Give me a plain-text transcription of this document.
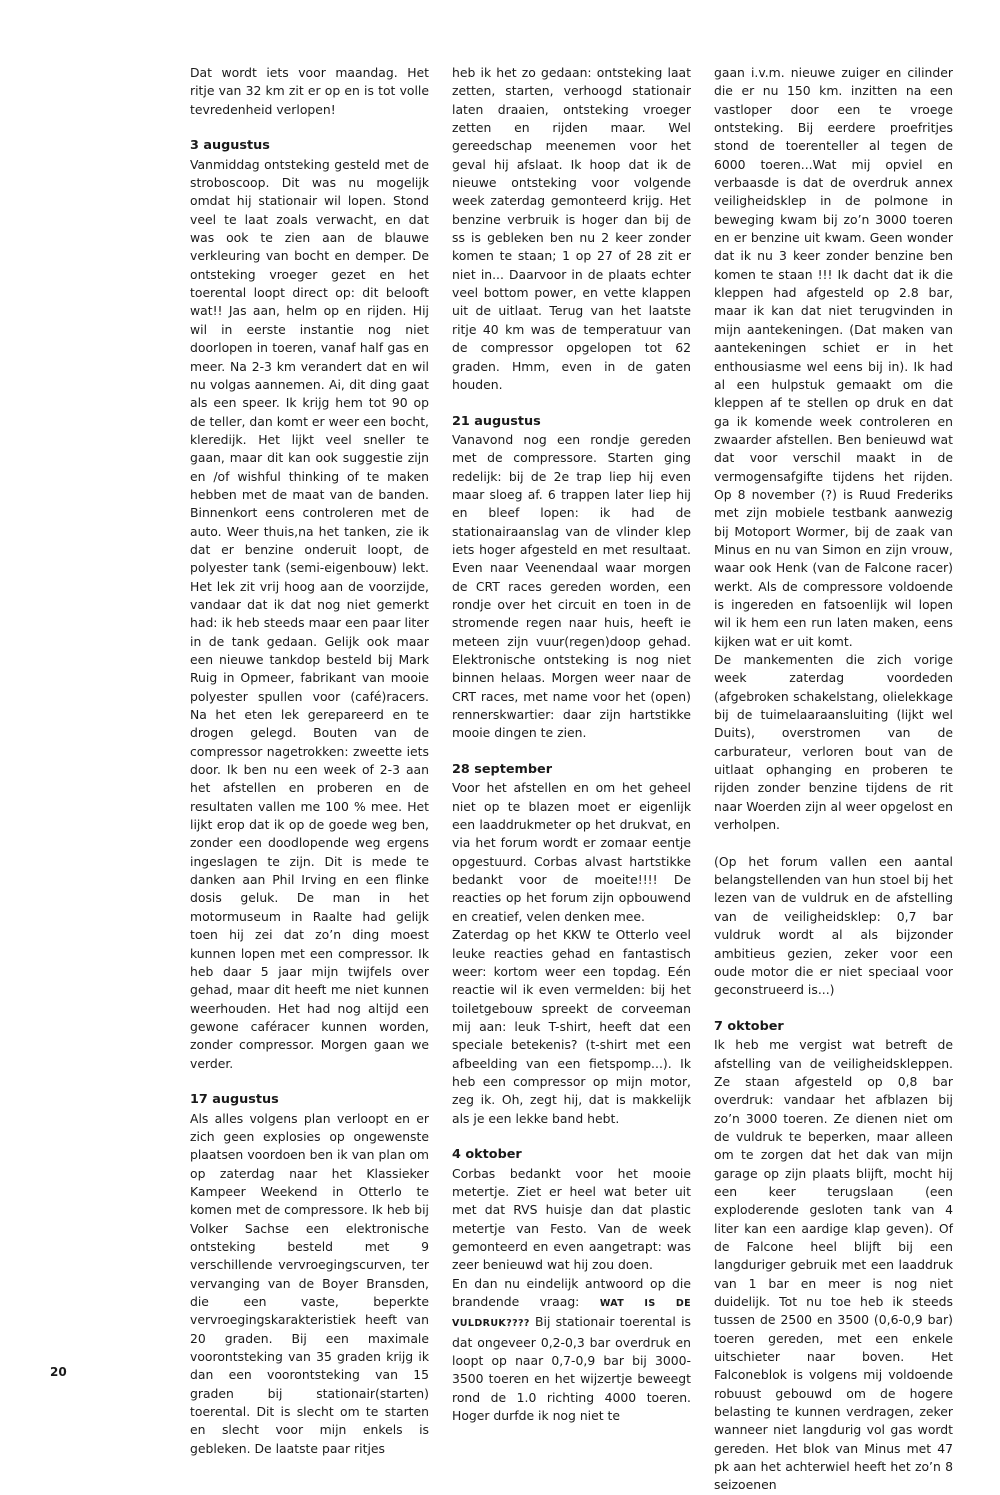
Dat wordt iets voor maandag. Het ritje van 32 km zit er op en is tot volle tevredenheid verlopen!

3 augustus

Vanmiddag ontsteking gesteld met de stroboscoop. Dit was nu mogelijk omdat hij stationair wil lopen. Stond veel te laat zoals verwacht, en dat was ook te zien aan de blauwe verkleuring van bocht en demper. De ontsteking vroeger gezet en het toerental loopt direct op: dit belooft wat!! Jas aan, helm op en rijden. Hij wil in eerste instantie nog niet doorlopen in toeren, vanaf half gas en meer. Na 2-3 km verandert dat en wil nu volgas aannemen. Ai, dit ding gaat als een speer. Ik krijg hem tot 90 op de teller, dan komt er weer een bocht, kleredijk. Het lijkt veel sneller te gaan, maar dit kan ook suggestie zijn en /of wishful thinking of te maken hebben met de maat van de banden. Binnenkort eens controleren met de auto. Weer thuis,na het tanken, zie ik dat er benzine onderuit loopt, de polyester tank (semi-eigenbouw) lekt. Het lek zit vrij hoog aan de voorzijde, vandaar dat ik dat nog niet gemerkt had: ik heb steeds maar een paar liter in de tank gedaan. Gelijk ook maar een nieuwe tankdop besteld bij Mark Ruig in Opmeer, fabrikant van mooie polyester spullen voor (café)racers. Na het eten lek gerepareerd en te drogen gelegd. Bouten van de compressor nagetrokken: zweette iets door. Ik ben nu een week of 2-3 aan het afstellen en proberen en de resultaten vallen me 100 % mee. Het lijkt erop dat ik op de goede weg ben, zonder een doodlopende weg ergens ingeslagen te zijn. Dit is mede te danken aan Phil Irving en een flinke dosis geluk. De man in het motormuseum in Raalte had gelijk toen hij zei dat zo’n ding moest kunnen lopen met een compressor. Ik heb daar 5 jaar mijn twijfels over gehad, maar dit heeft me niet kunnen weerhouden. Het had nog altijd een gewone caféracer kunnen worden, zonder compressor. Morgen gaan we verder.

17 augustus

Als alles volgens plan verloopt en er zich geen explosies op ongewenste plaatsen voordoen ben ik van plan om op zaterdag naar het Klassieker Kampeer Weekend in Otterlo te komen met de compressore. Ik heb bij Volker Sachse een elektronische ontsteking besteld met 9 verschillende vervroegingscurven, ter vervanging van de Boyer Bransden, die een vaste, beperkte vervroegingskarakteristiek heeft van 20 graden. Bij een maximale voorontsteking van 35 graden krijg ik dan een voorontsteking van 15 graden bij stationair(starten) toerental. Dit is slecht om te starten en slecht voor mijn enkels is gebleken. De laatste paar ritjes

heb ik het zo gedaan: ontsteking laat zetten, starten, verhoogd stationair laten draaien, ontsteking vroeger zetten en rijden maar. Wel gereedschap meenemen voor het geval hij afslaat. Ik hoop dat ik de nieuwe ontsteking voor volgende week zaterdag gemonteerd krijg. Het benzine verbruik is hoger dan bij de ss is gebleken ben nu 2 keer zonder komen te staan; 1 op 27 of 28 zit er niet in... Daarvoor in de plaats echter veel bottom power, en vette klappen uit de uitlaat. Terug van het laatste ritje 40 km was de temperatuur van de compressor opgelopen tot 62 graden. Hmm, even in de gaten houden.

21 augustus

Vanavond nog een rondje gereden met de compressore. Starten ging redelijk: bij de 2e trap liep hij even maar sloeg af. 6 trappen later liep hij en bleef lopen: ik had de stationairaanslag van de vlinder klep iets hoger afgesteld en met resultaat. Even naar Veenendaal waar morgen de CRT races gereden worden, een rondje over het circuit en toen in de stromende regen naar huis, heeft ie meteen zijn vuur(regen)doop gehad. Elektronische ontsteking is nog niet binnen helaas. Morgen weer naar de CRT races, met name voor het (open) rennerskwartier: daar zijn hartstikke mooie dingen te zien.

28 september

Voor het afstellen en om het geheel niet op te blazen moet er eigenlijk een laaddrukmeter op het drukvat, en via het forum wordt er zomaar eentje opgestuurd. Corbas alvast hartstikke bedankt voor de moeite!!!! De reacties op het forum zijn opbouwend en creatief, velen denken mee.

Zaterdag op het KKW te Otterlo veel leuke reacties gehad en fantastisch weer: kortom weer een topdag. Eén reactie wil ik even vermelden: bij het toiletgebouw spreekt de corveeman mij aan: leuk T-shirt, heeft dat een speciale betekenis? (t-shirt met een afbeelding van een fietspomp...). Ik heb een compressor op mijn motor, zeg ik. Oh, zegt hij, dat is makkelijk als je een lekke band hebt.

4 oktober

Corbas bedankt voor het mooie metertje. Ziet er heel wat beter uit met dat RVS huisje dan dat plastic metertje van Festo. Van de week gemonteerd en even aangetrapt: was zeer benieuwd wat hij zou doen.

En dan nu eindelijk antwoord op die brandende vraag: WAT IS DE VULDRUK???? Bij stationair toerental is dat ongeveer 0,2-0,3 bar overdruk en loopt op naar 0,7-0,9 bar bij 3000-3500 toeren en het wijzertje beweegt rond de 1.0 richting 4000 toeren. Hoger durfde ik nog niet te

gaan i.v.m. nieuwe zuiger en cilinder die er nu 150 km. inzitten na een vastloper door een te vroege ontsteking. Bij eerdere proefritjes stond de toerenteller al tegen de 6000 toeren...Wat mij opviel en verbaasde is dat de overdruk annex veiligheidsklep in de polmone in beweging kwam bij zo’n 3000 toeren en er benzine uit kwam. Geen wonder dat ik nu 3 keer zonder benzine ben komen te staan !!! Ik dacht dat ik die kleppen had afgesteld op 2.8 bar, maar ik kan dat niet terugvinden in mijn aantekeningen. (Dat maken van aantekeningen schiet er in het enthousiasme wel eens bij in). Ik had al een hulpstuk gemaakt om die kleppen af te stellen op druk en dat ga ik komende week controleren en zwaarder afstellen. Ben benieuwd wat dat voor verschil maakt in de vermogensafgifte tijdens het rijden. Op 8 november (?) is Ruud Frederiks met zijn mobiele testbank aanwezig bij Motoport Wormer, bij de zaak van Minus en nu van Simon en zijn vrouw, waar ook Henk (van de Falcone racer) werkt. Als de compressore voldoende is ingereden en fatsoenlijk wil lopen wil ik hem een run laten maken, eens kijken wat er uit komt.

De mankementen die zich vorige week zaterdag voordeden (afgebroken schakelstang, olielekkage bij de tuimelaaraansluiting (lijkt wel Duits), overstromen van de carburateur, verloren bout van de uitlaat ophanging en proberen te rijden zonder benzine tijdens de rit naar Woerden zijn al weer opgelost en verholpen.

(Op het forum vallen een aantal belangstellenden van hun stoel bij het lezen van de vuldruk en de afstelling van de veiligheidsklep: 0,7 bar vuldruk wordt al als bijzonder ambitieus gezien, zeker voor een oude motor die er niet speciaal voor geconstrueerd is...)

7 oktober

Ik heb me vergist wat betreft de afstelling van de veiligheidskleppen. Ze staan afgesteld op 0,8 bar overdruk: vandaar het afblazen bij zo’n 3000 toeren. Ze dienen niet om de vuldruk te beperken, maar alleen om te zorgen dat het dak van mijn garage op zijn plaats blijft, mocht hij een keer terugslaan (een exploderende gesloten tank van 4 liter kan een aardige klap geven). Of de Falcone heel blijft bij een langduriger gebruik met een laaddruk van 1 bar en meer is nog niet duidelijk. Tot nu toe heb ik steeds tussen de 2500 en 3500 (0,6-0,9 bar) toeren gereden, met een enkele uitschieter naar boven. Het Falconeblok is volgens mij voldoende robuust gebouwd om de hogere belasting te kunnen verdragen, zeker wanneer niet langdurig vol gas wordt gereden. Het blok van Minus met 47 pk aan het achterwiel heeft het zo’n 8 seizoenen

20
